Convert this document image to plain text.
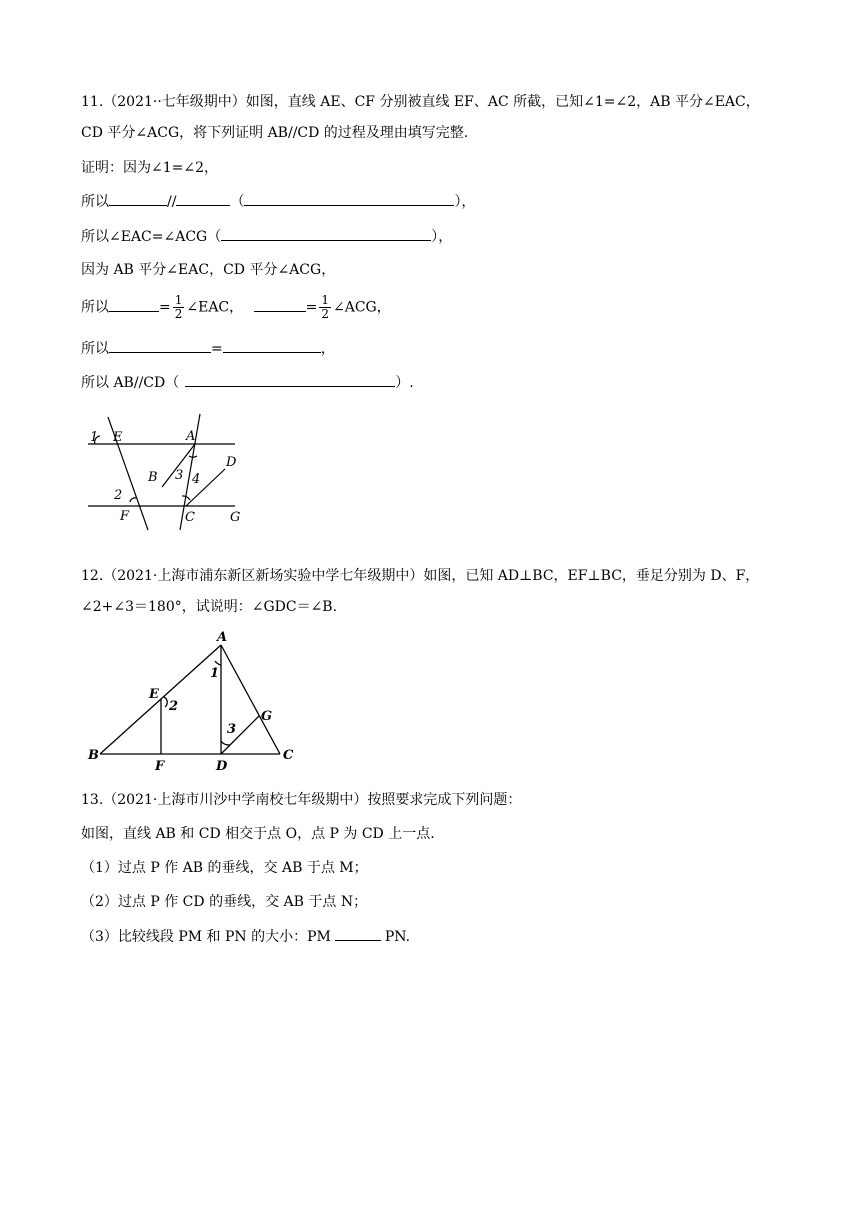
11.（2021··七年级期中）如图，直线 AE、CF 分别被直线 EF、AC 所截，已知∠1=∠2，AB 平分∠EAC，
CD 平分∠ACG，将下列证明 AB//CD 的过程及理由填写完整.
证明：因为∠1=∠2，
所以	//	（	），
所以∠EAC=∠ACG（	），
因为 AB 平分∠EAC，CD 平分∠ACG，
所以	= $\frac{1}{2}$ ∠EAC，	= $\frac{1}{2}$ ∠ACG，
所以	=	，
所以 AB//CD（	）.
1 E	A
B 3 4
D
2
F	C	G
12.（2021·上海市浦东新区新场实验中学七年级期中）如图，已知 AD⊥BC，EF⊥BC，垂足分别为 D、F，
∠2+∠3＝180°，试说明：∠GDC＝∠B.
A
1
E
2
G
3
B
F	D
C
13.（2021·上海市川沙中学南校七年级期中）按照要求完成下列问题：
如图，直线 AB 和 CD 相交于点 O，点 P 为 CD 上一点.
（1）过点 P 作 AB 的垂线，交 AB 于点 M；
（2）过点 P 作 CD 的垂线，交 AB 于点 N；
（3）比较线段 PM 和 PN 的大小：PM	PN.
